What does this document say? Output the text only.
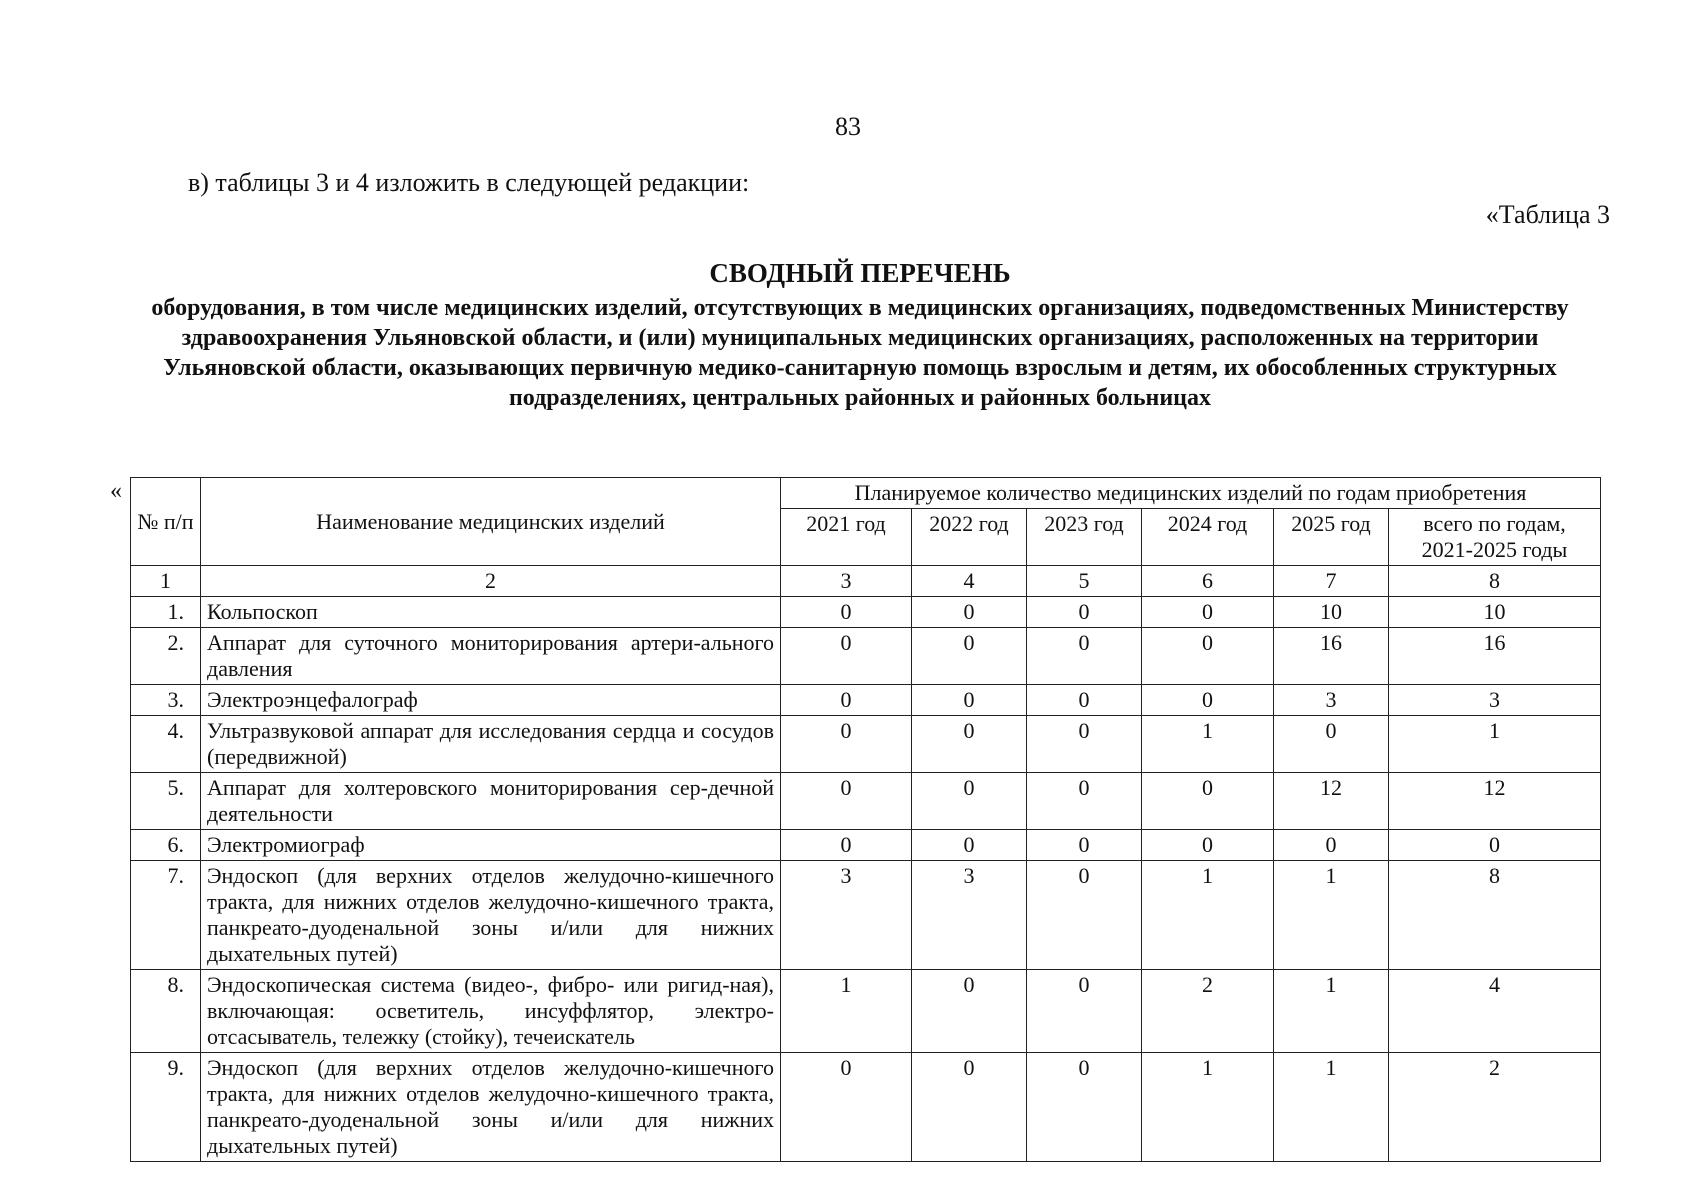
83
в) таблицы 3 и 4 изложить в следующей редакции:
«Таблица 3
СВОДНЫЙ ПЕРЕЧЕНЬ
оборудования, в том числе медицинских изделий, отсутствующих в медицинских организациях, подведомственных Министерству здравоохранения Ульяновской области, и (или) муниципальных медицинских организациях, расположенных на территории Ульяновской области, оказывающих первичную медико-санитарную помощь взрослым и детям, их обособленных структурных подразделениях, центральных районных и районных больницах
«
№ п/п	Наименование медицинских изделий	Планируемое количество медицинских изделий по годам приобретения					
		2021 год	2022 год	2023 год	2024 год	2025 год	всего по годам, 2021-2025 годы
1	2	3	4	5	6	7	8
1.	Кольпоскоп	0	0	0	0	10	10
2.	Аппарат для суточного мониторирования артери-ального давления	0	0	0	0	16	16
3.	Электроэнцефалограф	0	0	0	0	3	3
4.	Ультразвуковой аппарат для исследования сердца и сосудов (передвижной)	0	0	0	1	0	1
5.	Аппарат для холтеровского мониторирования сер-дечной деятельности	0	0	0	0	12	12
6.	Электромиограф	0	0	0	0	0	0
7.	Эндоскоп (для верхних отделов желудочно-кишечного тракта, для нижних отделов желудочно-кишечного тракта, панкреато-дуоденальной зоны и/или для нижних дыхательных путей)	3	3	0	1	1	8
8.	Эндоскопическая система (видео-, фибро- или ригид-ная), включающая: осветитель, инсуффлятор, электро-отсасыватель, тележку (стойку), течеискатель	1	0	0	2	1	4
9.	Эндоскоп (для верхних отделов желудочно-кишечного тракта, для нижних отделов желудочно-кишечного тракта, панкреато-дуоденальной зоны и/или для нижних дыхательных путей)	0	0	0	1	1	2
